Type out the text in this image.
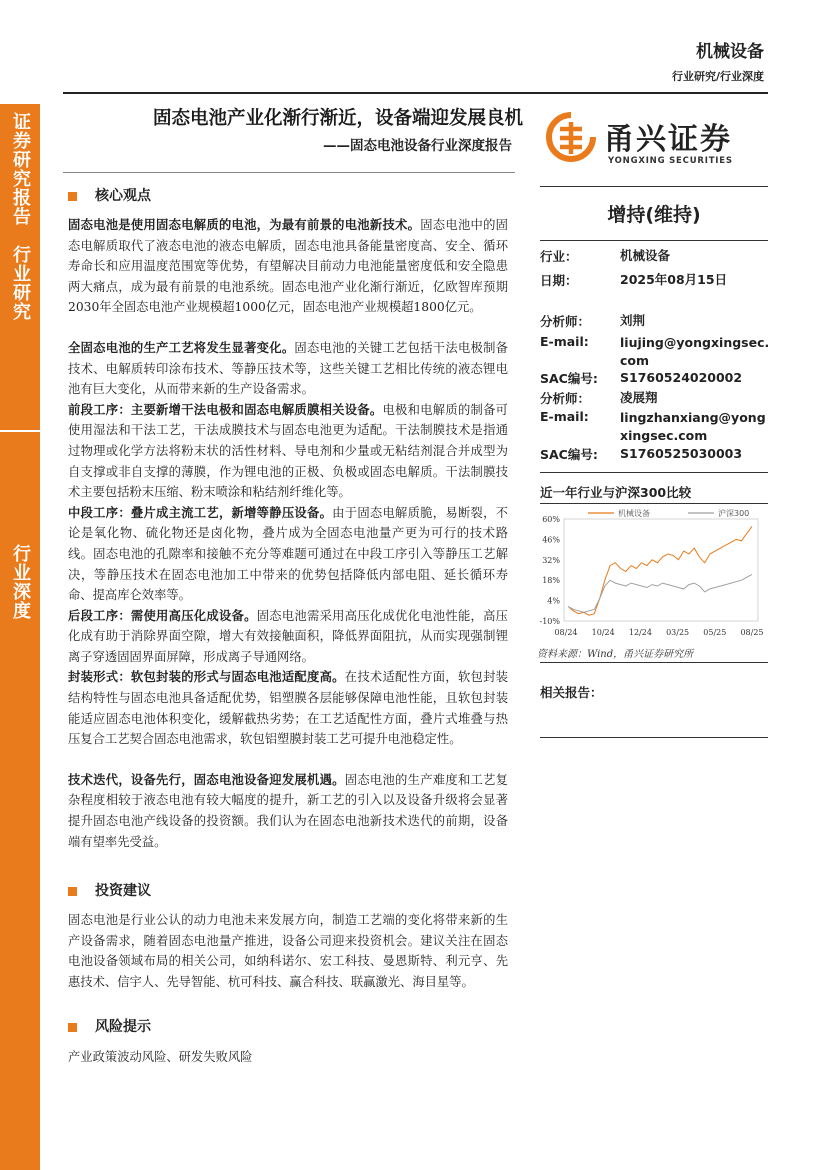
证券研究报告　行业研究
行业深度
机械设备
行业研究/行业深度
固态电池产业化渐行渐近，设备端迎发展良机
——固态电池设备行业深度报告	甬兴证券
YONGXING SECURITIES
核心观点
固态电池是使用固态电解质的电池，为最有前景的电池新技术。固态电池中的固态电解质取代了液态电池的液态电解质，固态电池具备能量密度高、安全、循环寿命长和应用温度范围宽等优势，有望解决目前动力电池能量密度低和安全隐患两大痛点，成为最有前景的电池系统。固态电池产业化渐行渐近，亿欧智库预期2030年全固态电池产业规模超1000亿元，固态电池产业规模超1800亿元。
全固态电池的生产工艺将发生显著变化。固态电池的关键工艺包括干法电极制备技术、电解质转印涂布技术、等静压技术等，这些关键工艺相比传统的液态锂电池有巨大变化，从而带来新的生产设备需求。
前段工序：主要新增干法电极和固态电解质膜相关设备。电极和电解质的制备可使用湿法和干法工艺，干法成膜技术与固态电池更为适配。干法制膜技术是指通过物理或化学方法将粉末状的活性材料、导电剂和少量或无粘结剂混合并成型为自支撑或非自支撑的薄膜，作为锂电池的正极、负极或固态电解质。干法制膜技术主要包括粉末压缩、粉末喷涂和粘结剂纤维化等。
中段工序：叠片成主流工艺，新增等静压设备。由于固态电解质脆，易断裂，不论是氧化物、硫化物还是卤化物，叠片成为全固态电池量产更为可行的技术路线。固态电池的孔隙率和接触不充分等难题可通过在中段工序引入等静压工艺解决，等静压技术在固态电池加工中带来的优势包括降低内部电阻、延长循环寿命、提高库仑效率等。
后段工序：需使用高压化成设备。固态电池需采用高压化成优化电池性能，高压化成有助于消除界面空隙，增大有效接触面积，降低界面阻抗，从而实现强制锂离子穿透固固界面屏障，形成离子导通网络。
封装形式：软包封装的形式与固态电池适配度高。在技术适配性方面，软包封装结构特性与固态电池具备适配优势，铝塑膜各层能够保障电池性能，且软包封装能适应固态电池体积变化，缓解截热劣势；在工艺适配性方面，叠片式堆叠与热压复合工艺契合固态电池需求，软包铝塑膜封装工艺可提升电池稳定性。
技术迭代，设备先行，固态电池设备迎发展机遇。固态电池的生产难度和工艺复杂程度相较于液态电池有较大幅度的提升，新工艺的引入以及设备升级将会显著提升固态电池产线设备的投资额。我们认为在固态电池新技术迭代的前期，设备端有望率先受益。
投资建议
固态电池是行业公认的动力电池未来发展方向，制造工艺端的变化将带来新的生产设备需求，随着固态电池量产推进，设备公司迎来投资机会。建议关注在固态电池设备领域布局的相关公司，如纳科诺尔、宏工科技、曼恩斯特、利元亨、先惠技术、信宇人、先导智能、杭可科技、赢合科技、联赢激光、海目星等。
风险提示
产业政策波动风险、研发失败风险
增持(维持)
行业：	机械设备
日期：	2025年08月15日
分析师： 刘荆
E-mail: liujing@yongxingsec.com
SAC编号: S1760524020002
分析师： 凌展翔
E-mail: lingzhanxiang@yongxingsec.com
SAC编号: S1760525030003
近一年行业与沪深300比较
60%
46%
32%
18%
4%
-10%
08/24 10/24 12/24 03/25 05/25 08/25
机械设备	沪深300
资料来源：Wind，甬兴证券研究所
相关报告：
